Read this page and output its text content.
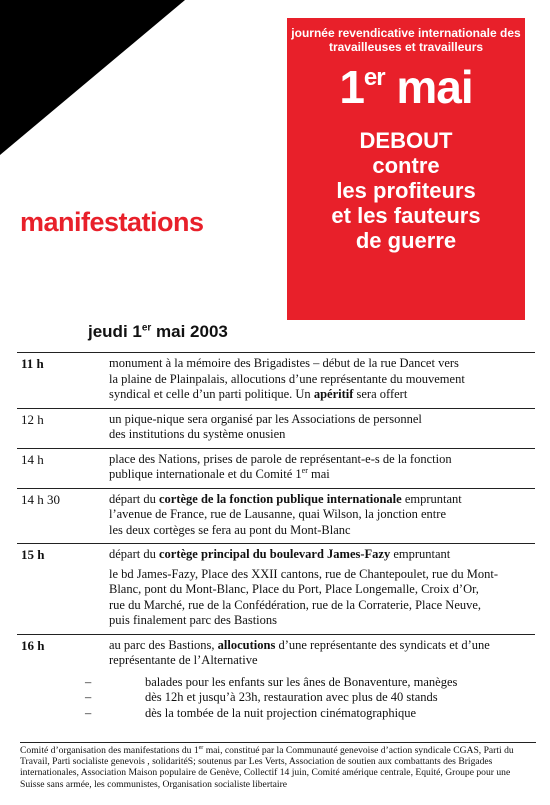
journée revendicative internationale des travailleuses et travailleurs
1er mai
DEBOUT
contre
les profiteurs
et les fauteurs
de guerre
manifestations
jeudi 1er mai 2003
11 h	monument à la mémoire des Brigadistes – début de la rue Dancet vers

la plaine de Plainpalais, allocutions d’une représentante du mouvement

syndical et celle d’un parti politique. Un apéritif sera offert

12 h	un pique-nique sera organisé par les Associations de personnel

des institutions du système onusien

14 h	place des Nations, prises de parole de représentant-e-s de la fonction

publique internationale et du Comité 1er mai

14 h 30	départ du cortège de la fonction publique internationale empruntant

l’avenue de France, rue de Lausanne, quai Wilson, la jonction entre

les deux cortèges se fera au pont du Mont-Blanc

15 h	départ du cortège principal du boulevard James-Fazy empruntant

le bd James-Fazy, Place des XXII cantons, rue de Chantepoulet, rue du Mont-

Blanc, pont du Mont-Blanc, Place du Port, Place Longemalle, Croix d’Or,

rue du Marché, rue de la Confédération, rue de la Corraterie, Place Neuve,

puis finalement parc des Bastions

16 h	au parc des Bastions, allocutions d’une représentante des syndicats et d’une

représentante de l’Alternative

–	balades pour les enfants sur les ânes de Bonaventure, manèges
–	dès 12h et jusqu’à 23h, restauration avec plus de 40 stands
–	dès la tombée de la nuit projection cinématographique
Comité d’organisation des manifestations du 1er mai, constitué par la Communauté genevoise d’action syndicale CGAS, Parti du Travail, Parti socialiste genevois , solidaritéS; soutenus par Les Verts, Association de soutien aux combattants des Brigades internationales, Association Maison populaire de Genève, Collectif 14 juin, Comité amérique centrale, Equité, Groupe pour une Suisse sans armée, les communistes, Organisation socialiste libertaire
